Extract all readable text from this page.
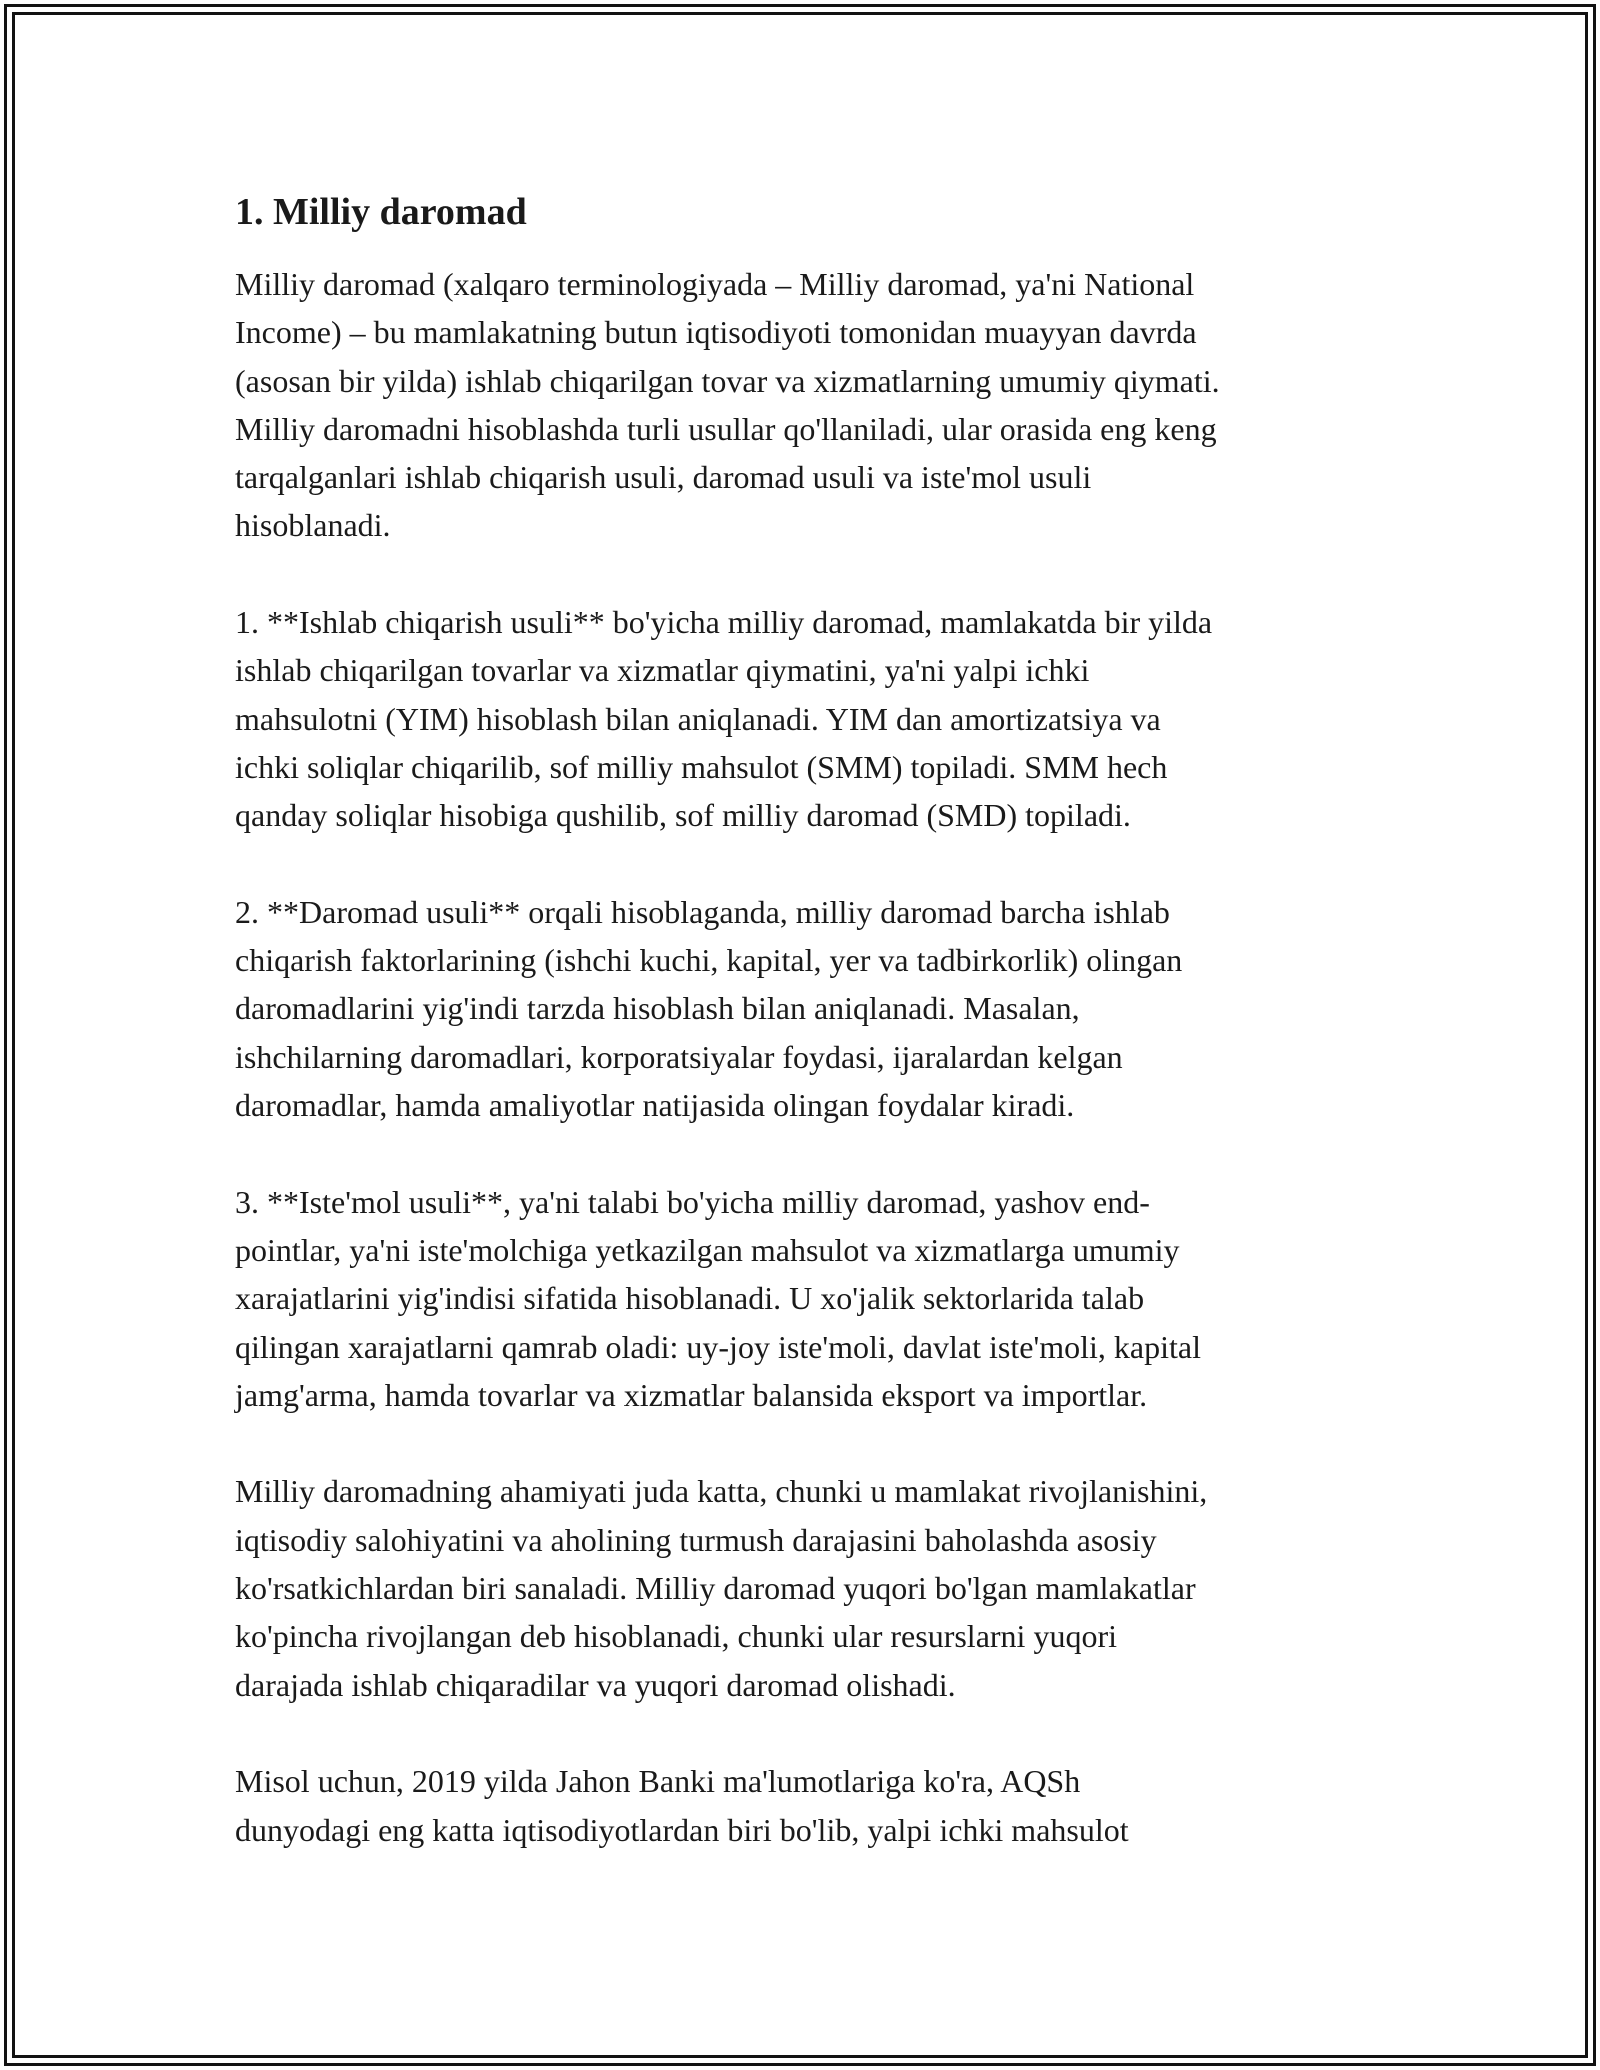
1. Milliy daromad

Milliy daromad (xalqaro terminologiyada – Milliy daromad, ya'ni National
Income) – bu mamlakatning butun iqtisodiyoti tomonidan muayyan davrda
(asosan bir yilda) ishlab chiqarilgan tovar va xizmatlarning umumiy qiymati.
Milliy daromadni hisoblashda turli usullar qo'llaniladi, ular orasida eng keng
tarqalganlari ishlab chiqarish usuli, daromad usuli va iste'mol usuli
hisoblanadi.

1. **Ishlab chiqarish usuli** bo'yicha milliy daromad, mamlakatda bir yilda
ishlab chiqarilgan tovarlar va xizmatlar qiymatini, ya'ni yalpi ichki
mahsulotni (YIM) hisoblash bilan aniqlanadi. YIM dan amortizatsiya va
ichki soliqlar chiqarilib, sof milliy mahsulot (SMM) topiladi. SMM hech
qanday soliqlar hisobiga qushilib, sof milliy daromad (SMD) topiladi.

2. **Daromad usuli** orqali hisoblaganda, milliy daromad barcha ishlab
chiqarish faktorlarining (ishchi kuchi, kapital, yer va tadbirkorlik) olingan
daromadlarini yig'indi tarzda hisoblash bilan aniqlanadi. Masalan,
ishchilarning daromadlari, korporatsiyalar foydasi, ijaralardan kelgan
daromadlar, hamda amaliyotlar natijasida olingan foydalar kiradi.

3. **Iste'mol usuli**, ya'ni talabi bo'yicha milliy daromad, yashov end-
pointlar, ya'ni iste'molchiga yetkazilgan mahsulot va xizmatlarga umumiy
xarajatlarini yig'indisi sifatida hisoblanadi. U xo'jalik sektorlarida talab
qilingan xarajatlarni qamrab oladi: uy-joy iste'moli, davlat iste'moli, kapital
jamg'arma, hamda tovarlar va xizmatlar balansida eksport va importlar.

Milliy daromadning ahamiyati juda katta, chunki u mamlakat rivojlanishini,
iqtisodiy salohiyatini va aholining turmush darajasini baholashda asosiy
ko'rsatkichlardan biri sanaladi. Milliy daromad yuqori bo'lgan mamlakatlar
ko'pincha rivojlangan deb hisoblanadi, chunki ular resurslarni yuqori
darajada ishlab chiqaradilar va yuqori daromad olishadi.

Misol uchun, 2019 yilda Jahon Banki ma'lumotlariga ko'ra, AQSh
dunyodagi eng katta iqtisodiyotlardan biri bo'lib, yalpi ichki mahsulot
